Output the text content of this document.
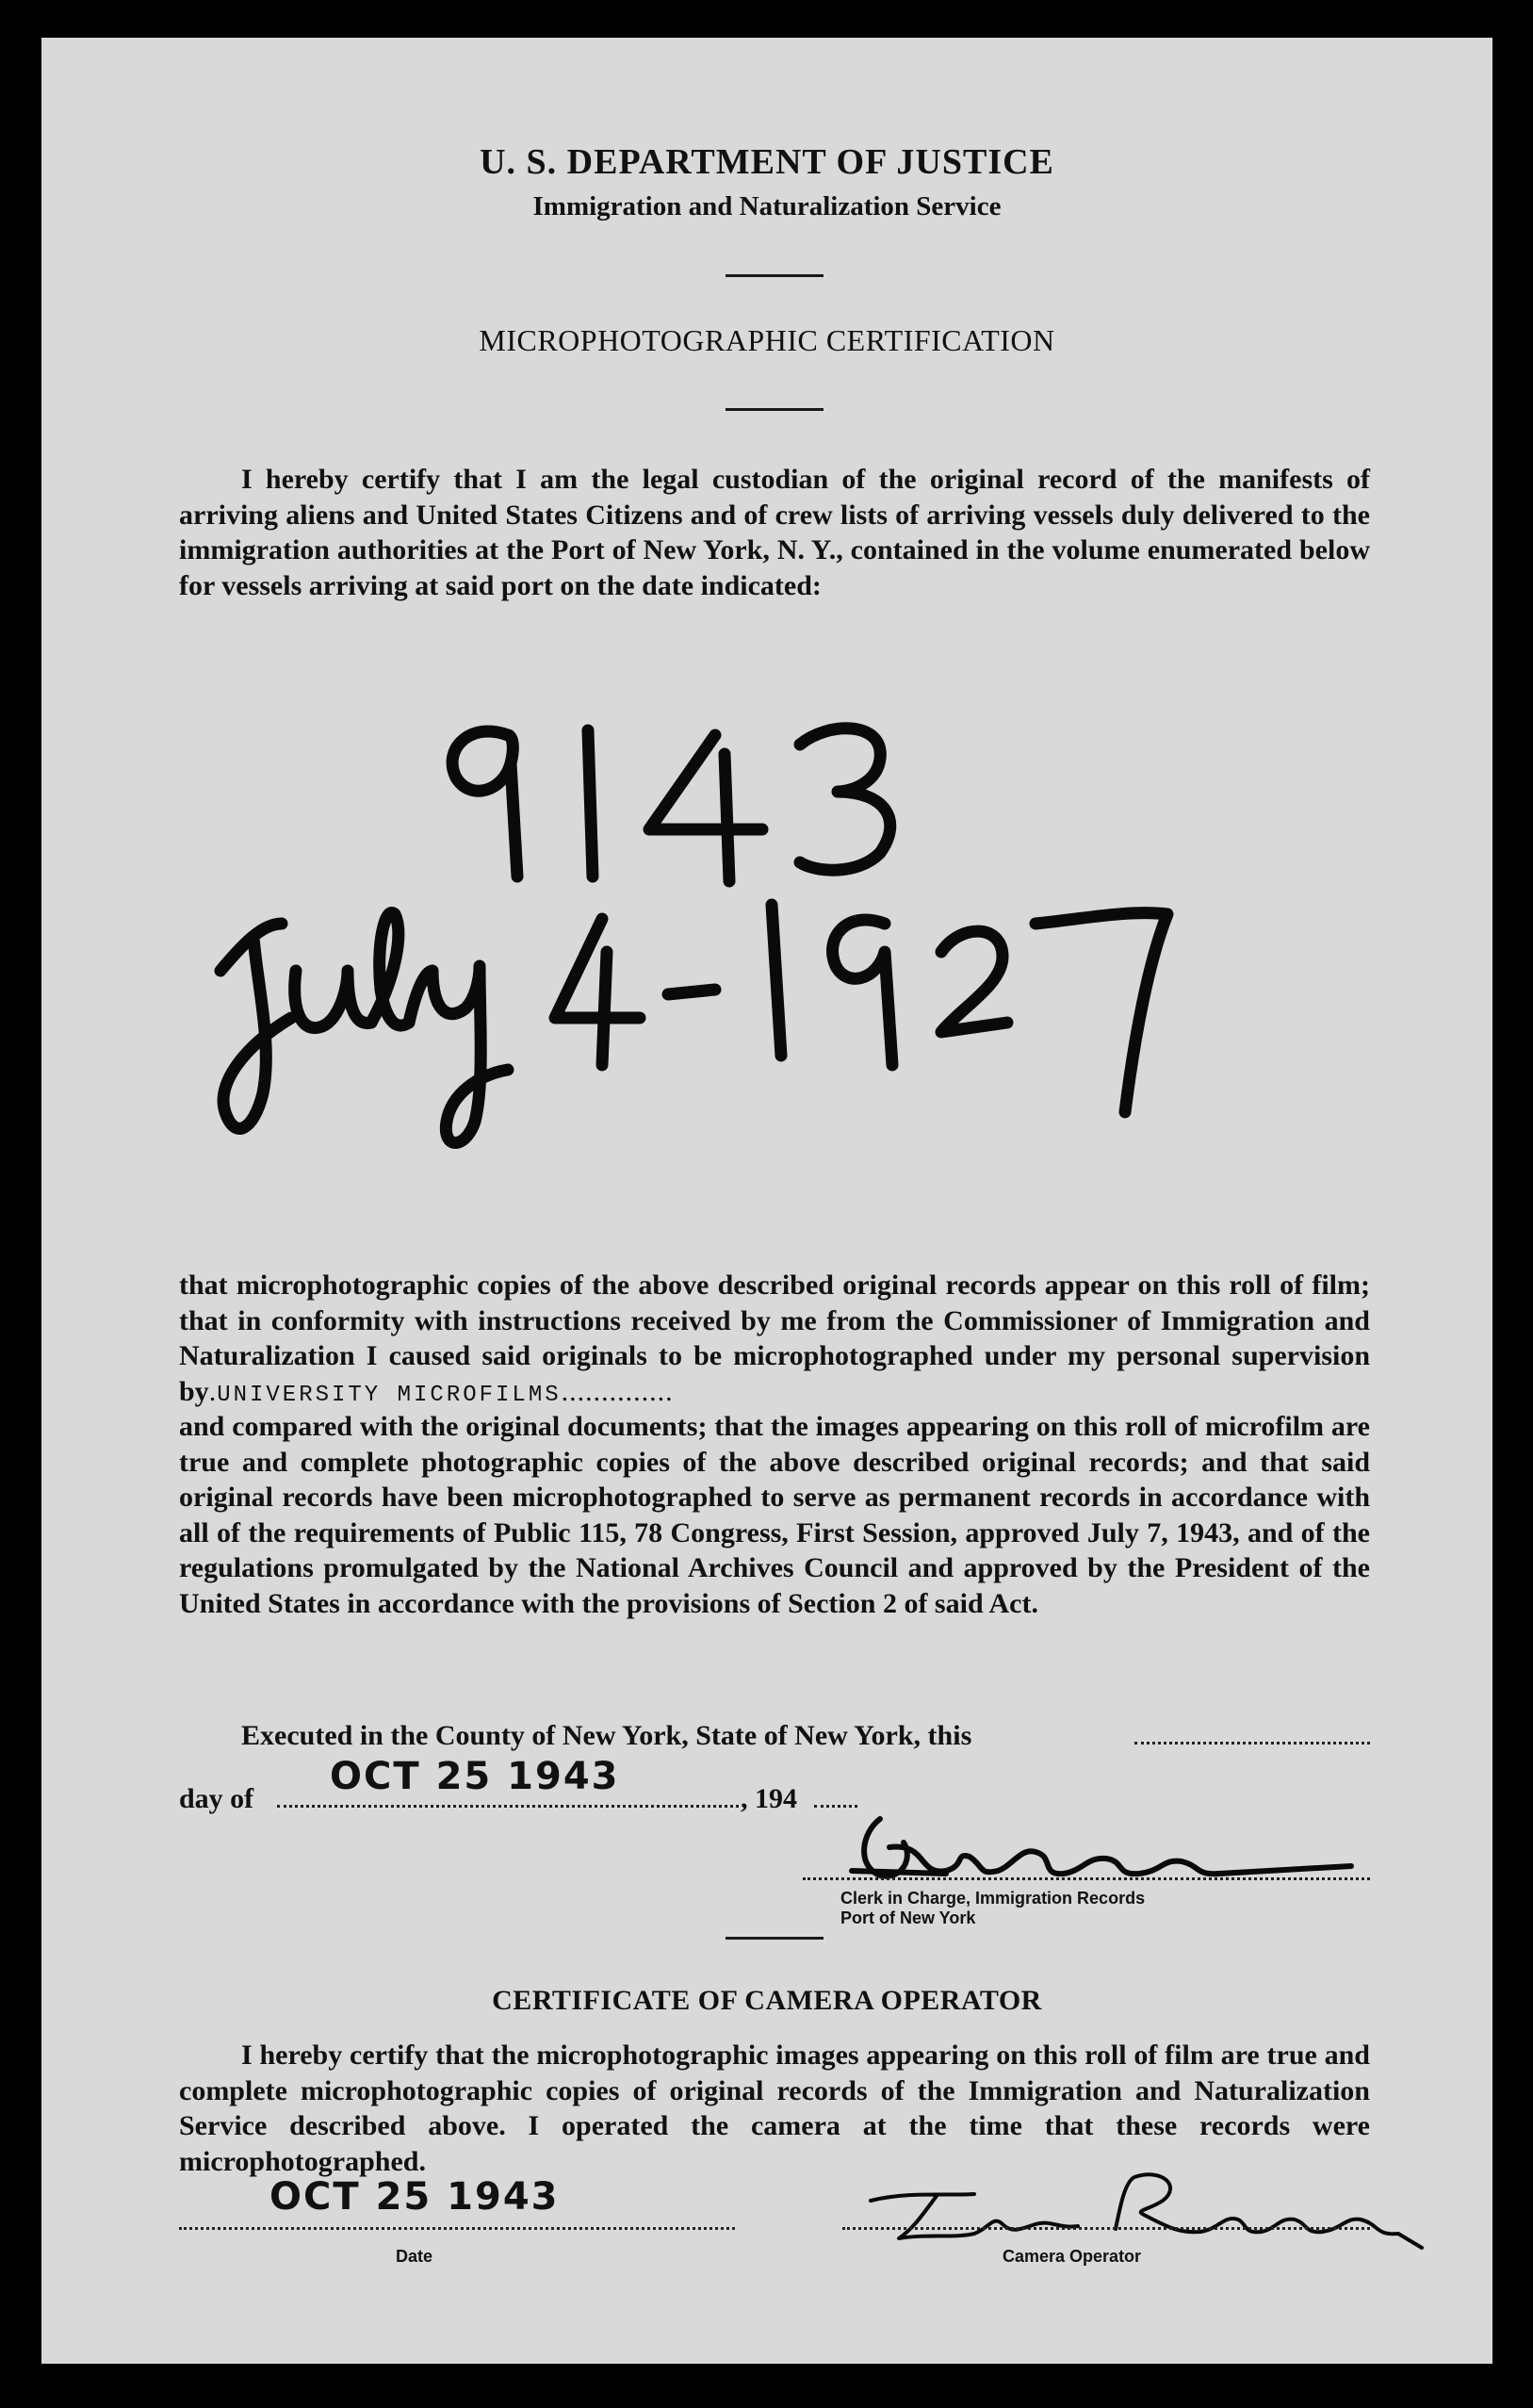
U. S. DEPARTMENT OF JUSTICE
Immigration and Naturalization Service
MICROPHOTOGRAPHIC CERTIFICATION
I hereby certify that I am the legal custodian of the original record of the manifests of arriving aliens and United States Citizens and of crew lists of arriving vessels duly delivered to the immigration authorities at the Port of New York, N. Y., contained in the volume enumerated below for vessels arriving at said port on the date indicated:
that microphotographic copies of the above described original records appear on this roll of film; that in conformity with instructions received by me from the Commissioner of Immigration and Naturalization I caused said originals to be microphotographed under my personal supervision by.UNIVERSITY MICROFILMS..............
and compared with the original documents; that the images appearing on this roll of microfilm are true and complete photographic copies of the above described original records; and that said original records have been microphotographed to serve as permanent records in accordance with all of the requirements of Public 115, 78 Congress, First Session, approved July 7, 1943, and of the regulations promulgated by the National Archives Council and approved by the President of the United States in accordance with the provisions of Section 2 of said Act.
Executed in the County of New York, State of New York, this
day of
OCT 25 1943
, 194
Clerk in Charge, Immigration Records
Port of New York
CERTIFICATE OF CAMERA OPERATOR
I hereby certify that the microphotographic images appearing on this roll of film are true and complete microphotographic copies of original records of the Immigration and Naturalization Service described above. I operated the camera at the time that these records were microphotographed.
OCT 25 1943
Date	Camera Operator
